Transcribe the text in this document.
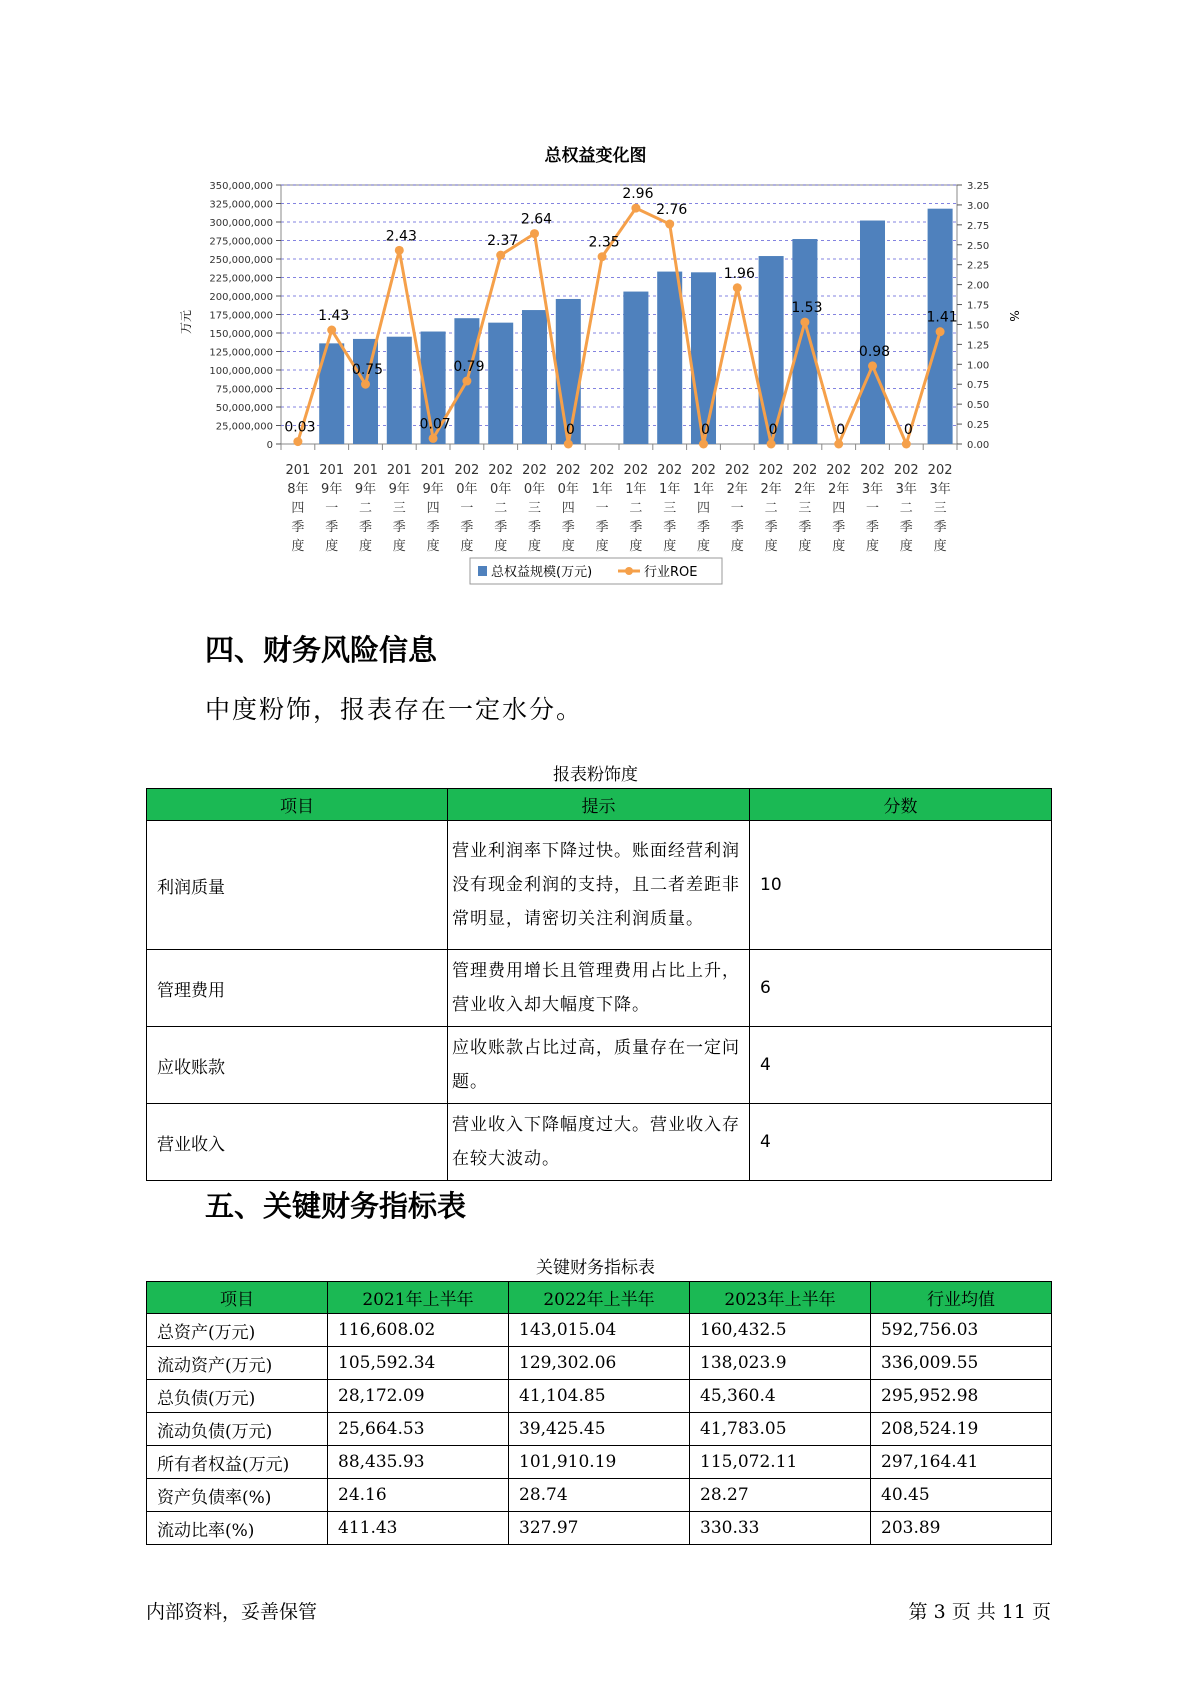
总权益变化图
0
25,000,000
50,000,000
75,000,000
100,000,000
125,000,000
150,000,000
175,000,000
200,000,000
225,000,000
250,000,000
275,000,000
300,000,000
325,000,000
350,000,000
0.00
0.25
0.50
0.75
1.00
1.25
1.50
1.75
2.00
2.25
2.50
2.75
3.00
3.25
万元	%
201
8年
四
季
度
201
9年
一
季
度
201
9年
二
季
度
201
9年
三
季
度
201
9年
四
季
度
202
0年
一
季
度
202
0年
二
季
度
202
0年
三
季
度
202
0年
四
季
度
202
1年
一
季
度
202
1年
二
季
度
202
1年
三
季
度
202
1年
四
季
度
202
2年
一
季
度
202
2年
二
季
度
202
2年
三
季
度
202
2年
四
季
度
202
3年
一
季
度
202
3年
二
季
度
202
3年
三
季
度
0.03
1.43
0.75
2.43
0.07
0.79
2.37
2.64
0
2.35
2.96
2.76
0
1.96
0
1.53
0
0.98
0
1.41
总权益规模(万元)	行业ROE
四、财务风险信息
中度粉饰，报表存在一定水分。
报表粉饰度
项目	提示	分数
利润质量	营业利润率下降过快。账面经营利润没有现金利润的支持，且二者差距非常明显，请密切关注利润质量。	10
管理费用	管理费用增长且管理费用占比上升，营业收入却大幅度下降。	6
应收账款	应收账款占比过高，质量存在一定问题。	4
营业收入	营业收入下降幅度过大。营业收入存在较大波动。	4
五、关键财务指标表
关键财务指标表
项目	2021年上半年	2022年上半年	2023年上半年	行业均值
总资产(万元)	116,608.02	143,015.04	160,432.5	592,756.03
流动资产(万元)	105,592.34	129,302.06	138,023.9	336,009.55
总负债(万元)	28,172.09	41,104.85	45,360.4	295,952.98
流动负债(万元)	25,664.53	39,425.45	41,783.05	208,524.19
所有者权益(万元)	88,435.93	101,910.19	115,072.11	297,164.41
资产负债率(%)	24.16	28.74	28.27	40.45
流动比率(%)	411.43	327.97	330.33	203.89
内部资料，妥善保管	第 3 页 共 11 页
